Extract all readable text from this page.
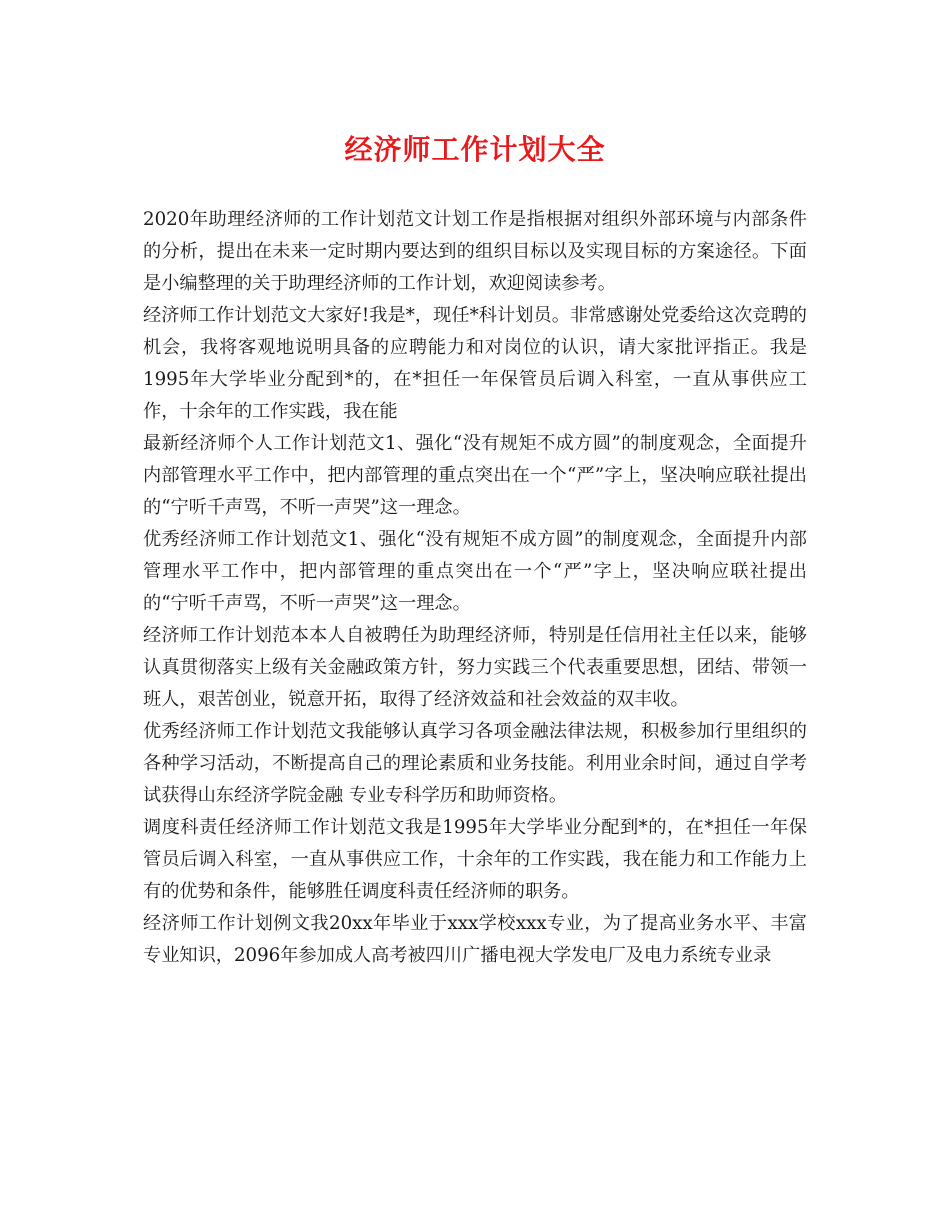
经济师工作计划大全

2020年助理经济师的工作计划范文计划工作是指根据对组织外部环境与内部条件的分析，提出在未来一定时期内要达到的组织目标以及实现目标的方案途径。下面是小编整理的关于助理经济师的工作计划，欢迎阅读参考。

经济师工作计划范文大家好!我是*，现任*科计划员。非常感谢处党委给这次竞聘的机会，我将客观地说明具备的应聘能力和对岗位的认识，请大家批评指正。我是1995年大学毕业分配到*的，在*担任一年保管员后调入科室，一直从事供应工作，十余年的工作实践，我在能

最新经济师个人工作计划范文1、强化“没有规矩不成方圆”的制度观念，全面提升内部管理水平工作中，把内部管理的重点突出在一个“严”字上，坚决响应联社提出的“宁听千声骂，不听一声哭”这一理念。

优秀经济师工作计划范文1、强化“没有规矩不成方圆”的制度观念，全面提升内部管理水平工作中，把内部管理的重点突出在一个“严”字上，坚决响应联社提出的“宁听千声骂，不听一声哭”这一理念。

经济师工作计划范本本人自被聘任为助理经济师，特别是任信用社主任以来，能够认真贯彻落实上级有关金融政策方针，努力实践三个代表重要思想，团结、带领一班人，艰苦创业，锐意开拓，取得了经济效益和社会效益的双丰收。

优秀经济师工作计划范文我能够认真学习各项金融法律法规，积极参加行里组织的各种学习活动，不断提高自己的理论素质和业务技能。利用业余时间，通过自学考试获得山东经济学院金融 专业专科学历和助师资格。

调度科责任经济师工作计划范文我是1995年大学毕业分配到*的，在*担任一年保管员后调入科室，一直从事供应工作，十余年的工作实践，我在能力和工作能力上有的优势和条件，能够胜任调度科责任经济师的职务。

经济师工作计划例文我20xx年毕业于xxx学校xxx专业，为了提高业务水平、丰富专业知识，2096年参加成人高考被四川广播电视大学发电厂及电力系统专业录
